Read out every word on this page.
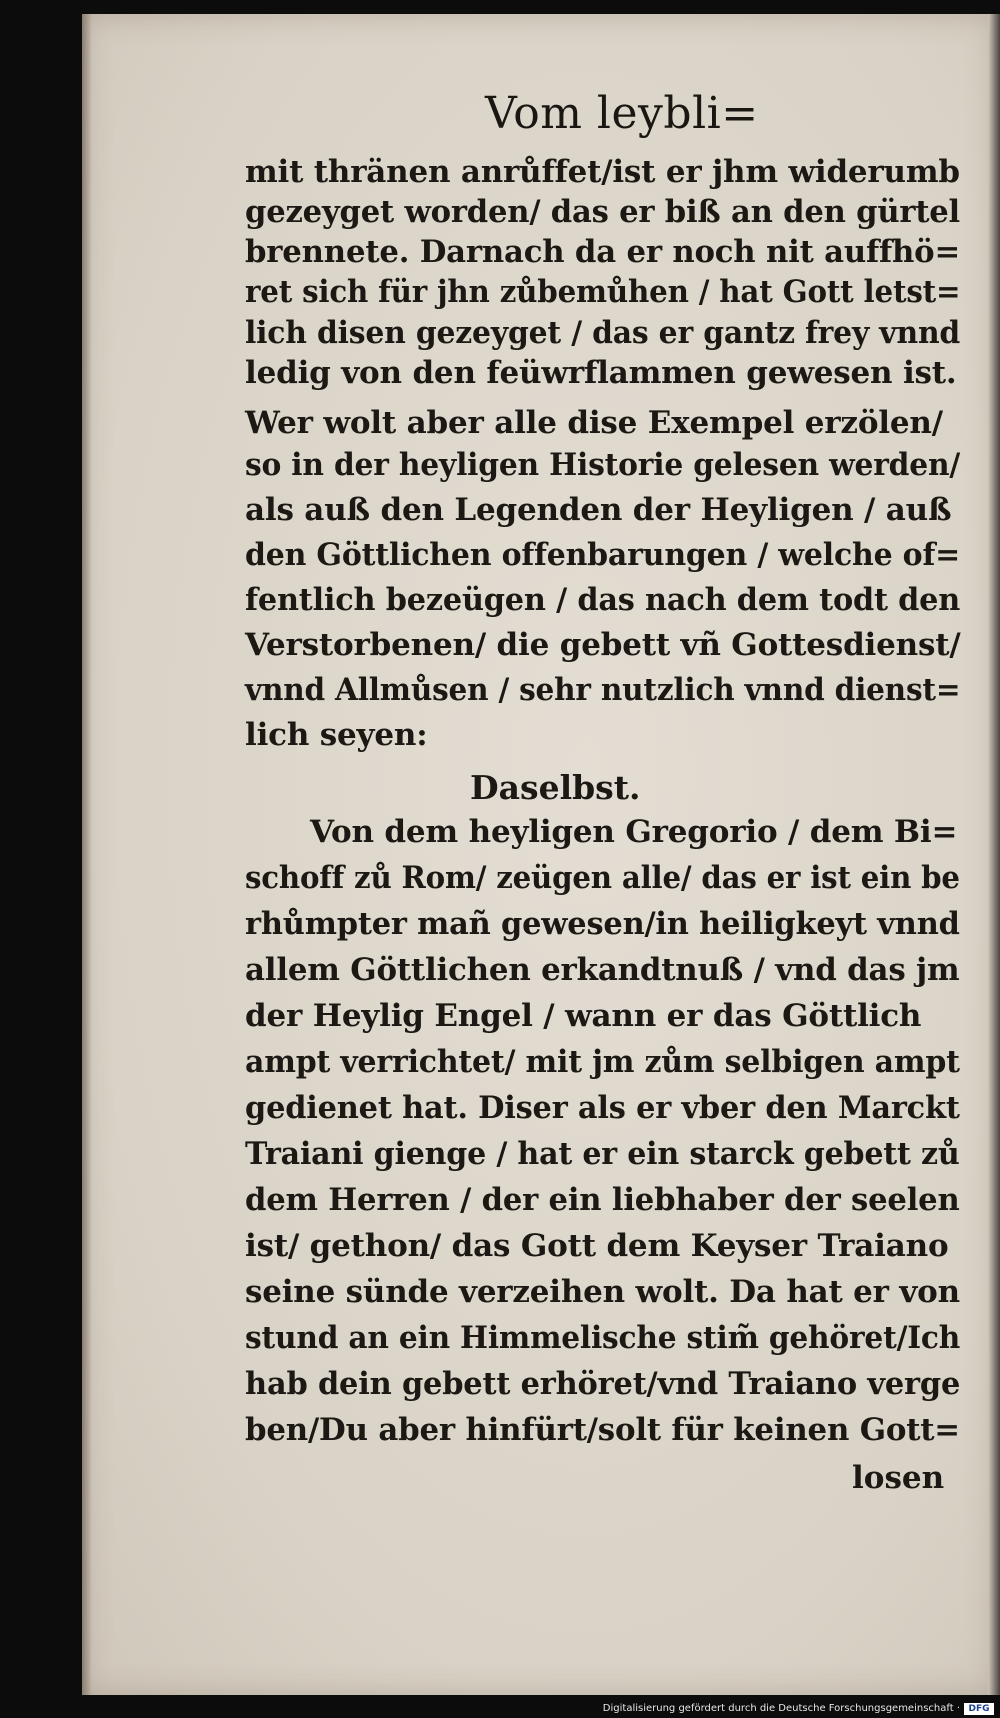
Vom leybli=
mit thränen anrůffet/ist er jhm widerumb
gezeyget worden/ das er biß an den gürtel
brennete. Darnach da er noch nit auffhö=
ret sich für jhn zůbemůhen / hat Gott letst=
lich disen gezeyget / das er gantz frey vnnd
ledig von den feüwrflammen gewesen ist.
Wer wolt aber alle dise Exempel erzölen/
so in der heyligen Historie gelesen werden/
als auß den Legenden der Heyligen / auß
den Göttlichen offenbarungen / welche of=
fentlich bezeügen / das nach dem todt den
Verstorbenen/ die gebett vñ Gottesdienst/
vnnd Allmůsen / sehr nutzlich vnnd dienst=
lich seyen:
Daselbst.
Von dem heyligen Gregorio / dem Bi=
schoff zů Rom/ zeügen alle/ das er ist ein be
rhůmpter mañ gewesen/in heiligkeyt vnnd
allem Göttlichen erkandtnuß / vnd das jm
der Heylig Engel / wann er das Göttlich
ampt verrichtet/ mit jm zům selbigen ampt
gedienet hat. Diser als er vber den Marckt
Traiani gienge / hat er ein starck gebett zů
dem Herren / der ein liebhaber der seelen
ist/ gethon/ das Gott dem Keyser Traiano
seine sünde verzeihen wolt. Da hat er von
stund an ein Himmelische stim̃ gehöret/Ich
hab dein gebett erhöret/vnd Traiano verge
ben/Du aber hinfürt/solt für keinen Gott=
losen
Digitalisierung gefördert durch die Deutsche Forschungsgemeinschaft · DFG
